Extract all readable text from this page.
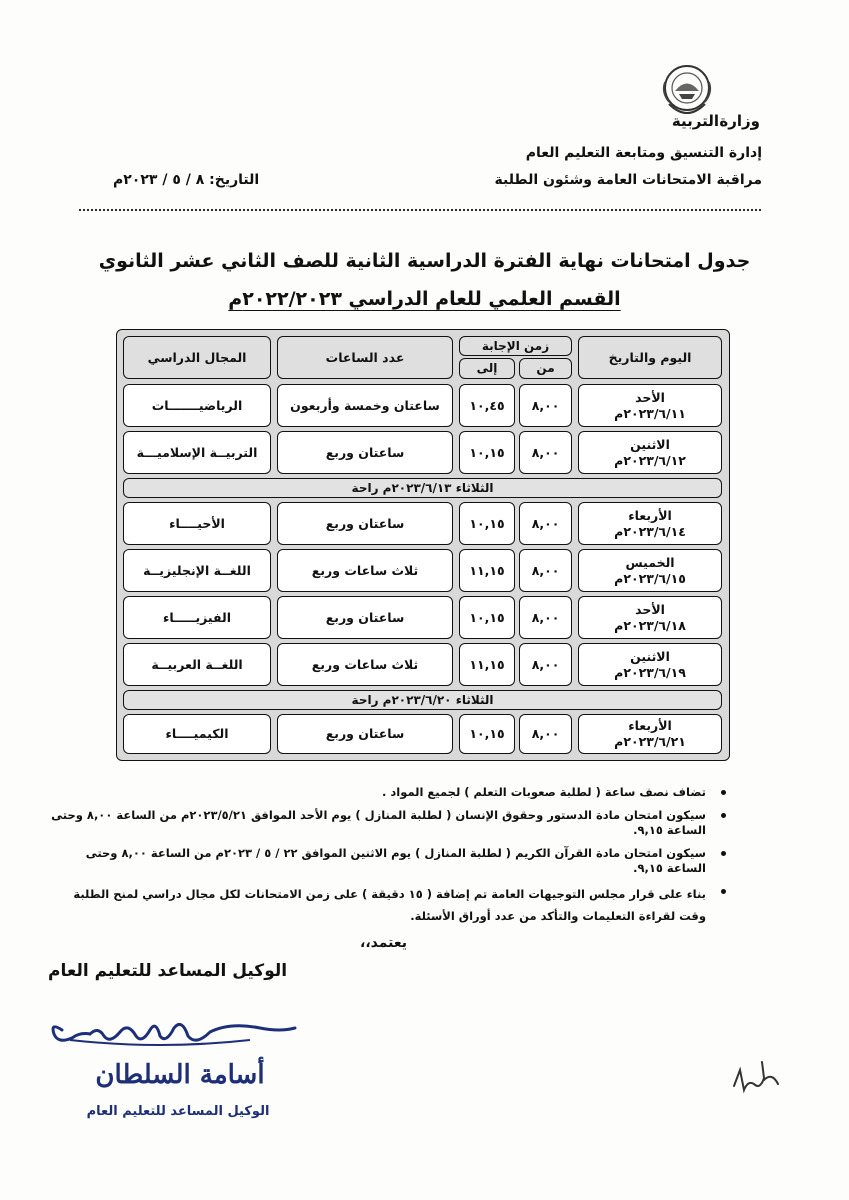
وزارة
التربية
إدارة التنسيق ومتابعة التعليم العام
مراقبة الامتحانات العامة وشئون الطلبة
التاريخ: ٨ / ٥ / ٢٠٢٣م
جدول امتحانات نهاية الفترة الدراسية الثانية للصف الثاني عشر الثانوي
القسم العلمي للعام الدراسي ٢٠٢٢/٢٠٢٣م
اليوم والتاريخ
زمن الإجابة
من
إلى
عدد الساعات
المجال الدراسي
الأحد
٢٠٢٣/٦/١١م
٨,٠٠
١٠,٤٥
ساعتان وخمسة وأربعون
الرياضيـــــــات
الاثنين
٢٠٢٣/٦/١٢م
٨,٠٠
١٠,١٥
ساعتان وربع
التربيــة الإسلاميـــة
الثلاثاء ٢٠٢٣/٦/١٣م راحة
الأربعاء
٢٠٢٣/٦/١٤م
٨,٠٠
١٠,١٥
ساعتان وربع
الأحيــــاء
الخميس
٢٠٢٣/٦/١٥م
٨,٠٠
١١,١٥
ثلاث ساعات وربع
اللغــة الإنجليزيــة
الأحد
٢٠٢٣/٦/١٨م
٨,٠٠
١٠,١٥
ساعتان وربع
الفيزيـــــاء
الاثنين
٢٠٢٣/٦/١٩م
٨,٠٠
١١,١٥
ثلاث ساعات وربع
اللغــة العربيــة
الثلاثاء ٢٠٢٣/٦/٢٠م راحة
الأربعاء
٢٠٢٣/٦/٢١م
٨,٠٠
١٠,١٥
ساعتان وربع
الكيميــــاء
تضاف نصف ساعة ( لطلبة صعوبات التعلم ) لجميع المواد .
سيكون امتحان مادة الدستور وحقوق الإنسان ( لطلبة المنازل ) يوم الأحد الموافق ٢٠٢٣/٥/٢١م من الساعة ٨,٠٠ وحتى الساعة ٩,١٥.
سيكون امتحان مادة القرآن الكريم ( لطلبة المنازل ) يوم الاثنين الموافق ٢٢ / ٥ / ٢٠٢٣م من الساعة ٨,٠٠ وحتى الساعة ٩,١٥.
بناء على قرار مجلس التوجيهات العامة تم إضافة ( ١٥ دقيقة ) على زمن الامتحانات لكل مجال دراسي لمنح الطلبة وقت لقراءة التعليمات والتأكد من عدد أوراق الأسئلة.
يعتمد،،
الوكيل المساعد للتعليم العام
أسامة السلطان
الوكيل المساعد للتعليم العام
